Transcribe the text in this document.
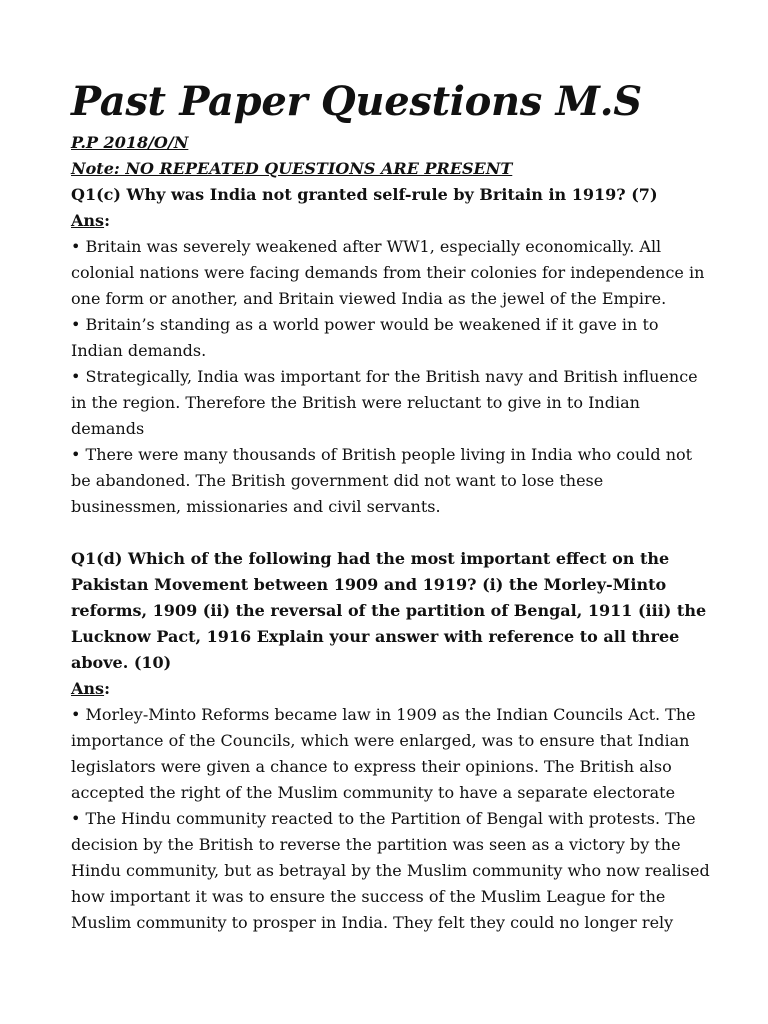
Past Paper Questions M.S

P.P 2018/O/N

Note: NO REPEATED QUESTIONS ARE PRESENT

Q1(c) Why was India not granted self-rule by Britain in 1919? (7)

Ans:

• Britain was severely weakened after WW1, especially economically. All colonial nations were facing demands from their colonies for independence in one form or another, and Britain viewed India as the jewel of the Empire.

• Britain’s standing as a world power would be weakened if it gave in to Indian demands.

• Strategically, India was important for the British navy and British influence in the region. Therefore the British were reluctant to give in to Indian demands

• There were many thousands of British people living in India who could not be abandoned. The British government did not want to lose these businessmen, missionaries and civil servants.

Q1(d) Which of the following had the most important effect on the Pakistan Movement between 1909 and 1919? (i) the Morley-Minto reforms, 1909 (ii) the reversal of the partition of Bengal, 1911 (iii) the Lucknow Pact, 1916 Explain your answer with reference to all three above. (10)

Ans:

• Morley-Minto Reforms became law in 1909 as the Indian Councils Act. The importance of the Councils, which were enlarged, was to ensure that Indian legislators were given a chance to express their opinions. The British also accepted the right of the Muslim community to have a separate electorate

• The Hindu community reacted to the Partition of Bengal with protests. The decision by the British to reverse the partition was seen as a victory by the Hindu community, but as betrayal by the Muslim community who now realised how important it was to ensure the success of the Muslim League for the Muslim community to prosper in India. They felt they could no longer rely
